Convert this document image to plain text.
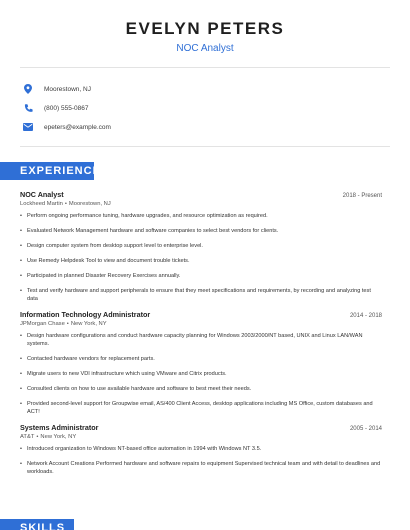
EVELYN PETERS
NOC Analyst
Moorestown, NJ
(800) 555-0867
epeters@example.com
EXPERIENCE
NOC Analyst	2018 - Present
Lockheed Martin • Moorestown, NJ
• Perform ongoing performance tuning, hardware upgrades, and resource optimization as required.
• Evaluated Network Management hardware and software companies to select best vendors for clients.
• Design computer system from desktop support level to enterprise level.
• Use Remedy Helpdesk Tool to view and document trouble tickets.
• Participated in planned Disaster Recovery Exercises annually.
• Test and verify hardware and support peripherals to ensure that they meet specifications and requirements, by recording and analyzing test data
Information Technology Administrator	2014 - 2018
JPMorgan Chase • New York, NY
• Design hardware configurations and conduct hardware capacity planning for Windows 2003/2000/NT based, UNIX and Linux LAN/WAN systems.
• Contacted hardware vendors for replacement parts.
• Migrate users to new VDI infrastructure which using VMware and Citrix products.
• Consulted clients on how to use available hardware and software to best meet their needs.
• Provided second-level support for Groupwise email, AS/400 Client Access, desktop applications including MS Office, custom databases and ACT!
Systems Administrator	2005 - 2014
AT&T • New York, NY
• Introduced organization to Windows NT-based office automation in 1994 with Windows NT 3.5.
• Network Account Creations Performed hardware and software repairs to equipment Supervised technical team and with detail to deadlines and workloads.
SKILLS
